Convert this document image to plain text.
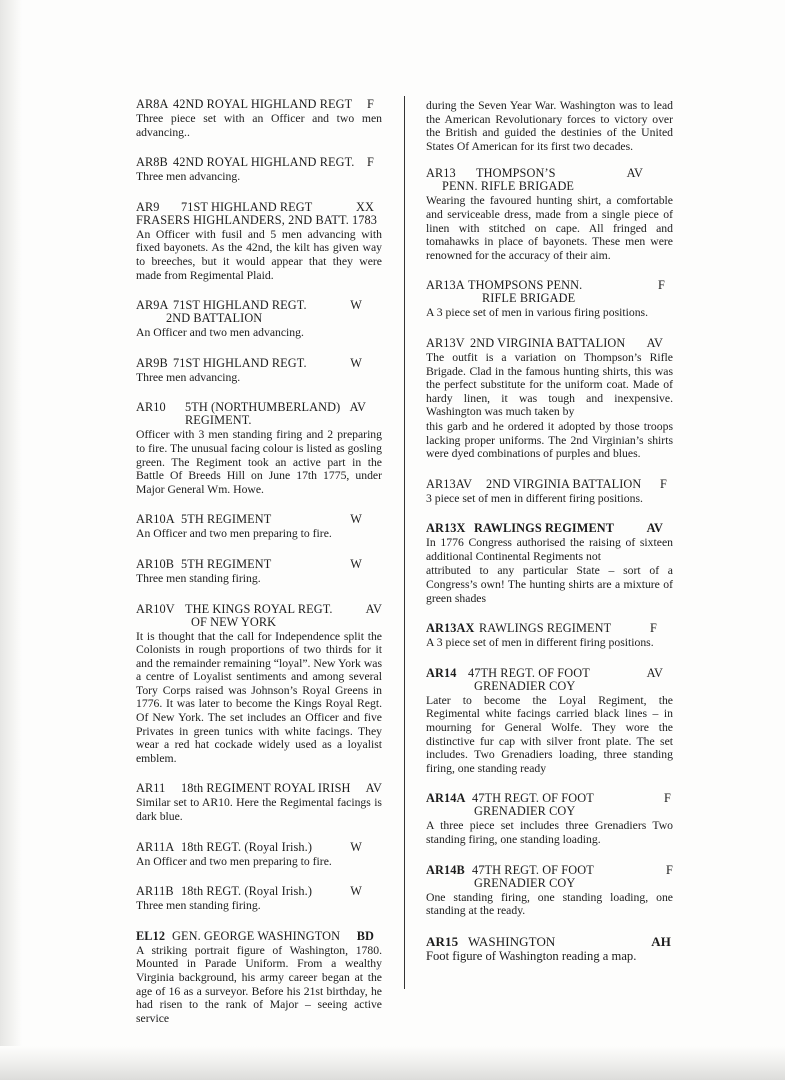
AR8A 42ND ROYAL HIGHLAND REGT F
Three piece set with an Officer and two men advancing..
AR8B 42ND ROYAL HIGHLAND REGT. F
Three men advancing.
AR9 71ST HIGHLAND REGT	XX
FRASERS HIGHLANDERS, 2ND BATT. 1783
An Officer with fusil and 5 men advancing with fixed bayonets. As the 42nd, the kilt has given way to breeches, but it would appear that they were made from Regimental Plaid.
AR9A 71ST HIGHLAND REGT.	W
2ND BATTALION
An Officer and two men advancing.
AR9B 71ST HIGHLAND REGT.	W
Three men advancing.
AR10 5TH (NORTHUMBERLAND) AV
REGIMENT.
Officer with 3 men standing firing and 2 preparing to fire. The unusual facing colour is listed as gosling green. The Regiment took an active part in the Battle Of Breeds Hill on June 17th 1775, under Major General Wm. Howe.
AR10A 5TH REGIMENT	W
An Officer and two men preparing to fire.
AR10B 5TH REGIMENT	W
Three men standing firing.
AR10V THE KINGS ROYAL REGT.	AV
OF NEW YORK
It is thought that the call for Independence split the Colonists in rough proportions of two thirds for it and the remainder remaining “loyal”. New York was a centre of Loyalist sentiments and among several Tory Corps raised was Johnson’s Royal Greens in 1776. It was later to become the Kings Royal Regt. Of New York. The set includes an Officer and five Privates in green tunics with white facings. They wear a red hat cockade widely used as a loyalist emblem.
AR11 18th REGIMENT ROYAL IRISH AV
Similar set to AR10. Here the Regimental facings is dark blue.
AR11A 18th REGT. (Royal Irish.)	W
An Officer and two men preparing to fire.
AR11B 18th REGT. (Royal Irish.)	W
Three men standing firing.
EL12 GEN. GEORGE WASHINGTON BD
A striking portrait figure of Washington, 1780. Mounted in Parade Uniform. From a wealthy Virginia background, his army career began at the age of 16 as a surveyor. Before his 21st birthday, he had risen to the rank of Major – seeing active service
during the Seven Year War. Washington was to lead the American Revolutionary forces to victory over the British and guided the destinies of the United States Of American for its first two decades.
AR13 THOMPSON’S	AV
PENN. RIFLE BRIGADE
Wearing the favoured hunting shirt, a comfortable and serviceable dress, made from a single piece of linen with stitched on cape. All fringed and tomahawks in place of bayonets. These men were renowned for the accuracy of their aim.
AR13A THOMPSONS PENN.	F
RIFLE BRIGADE
A 3 piece set of men in various firing positions.
AR13V 2ND VIRGINIA BATTALION AV
The outfit is a variation on Thompson’s Rifle Brigade. Clad in the famous hunting shirts, this was the perfect substitute for the uniform coat. Made of hardy linen, it was tough and inexpensive. Washington was much taken by
this garb and he ordered it adopted by those troops lacking proper uniforms. The 2nd Virginian’s shirts were dyed combinations of purples and blues.
AR13AV 2ND VIRGINIA BATTALION F
3 piece set of men in different firing positions.
AR13X RAWLINGS REGIMENT	AV
In 1776 Congress authorised the raising of sixteen additional Continental Regiments not
attributed to any particular State – sort of a Congress’s own! The hunting shirts are a mixture of green shades
AR13AX RAWLINGS REGIMENT	F
A 3 piece set of men in different firing positions.
AR14 47TH REGT. OF FOOT	AV
GRENADIER COY
Later to become the Loyal Regiment, the Regimental white facings carried black lines – in mourning for General Wolfe. They wore the distinctive fur cap with silver front plate. The set includes. Two Grenadiers loading, three standing firing, one standing ready
AR14A 47TH REGT. OF FOOT	F
GRENADIER COY
A three piece set includes three Grenadiers Two standing firing, one standing loading.
AR14B 47TH REGT. OF FOOT	F
GRENADIER COY
One standing firing, one standing loading, one standing at the ready.
AR15 WASHINGTON	AH
Foot figure of Washington reading a map.
